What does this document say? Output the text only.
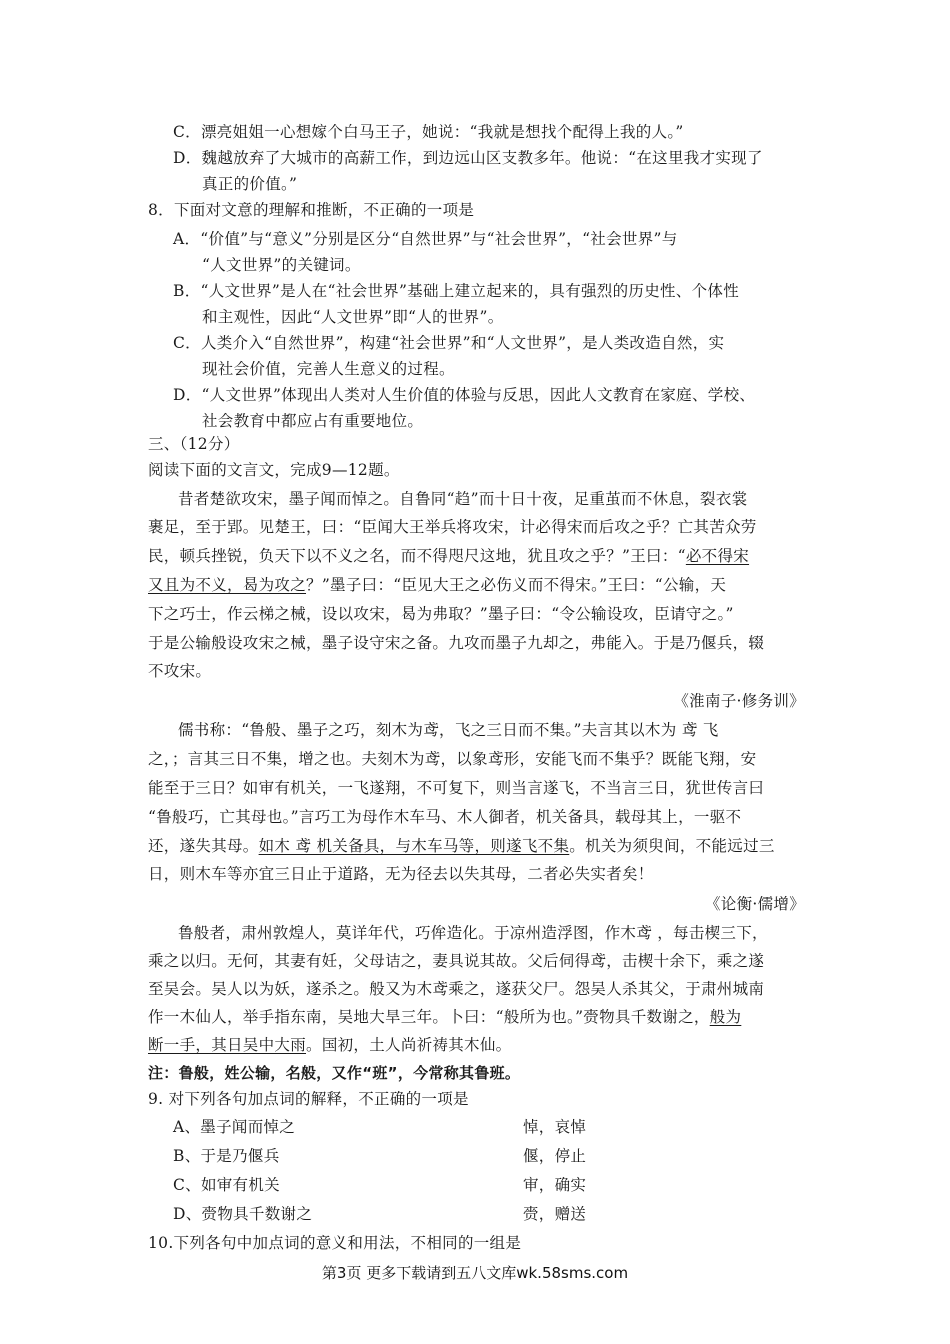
C．漂亮姐姐一心想嫁个白马王子，她说：“我就是想找个配得上我的人。”
D．魏越放弃了大城市的高薪工作，到边远山区支教多年。他说：“在这里我才实现了
真正的价值。”
8．下面对文意的理解和推断，不正确的一项是
A．“价值”与“意义”分别是区分“自然世界”与“社会世界”，“社会世界”与
“人文世界”的关键词。
B．“人文世界”是人在“社会世界”基础上建立起来的，具有强烈的历史性、个体性
和主观性，因此“人文世界”即“人的世界”。
C．人类介入“自然世界”，构建“社会世界”和“人文世界”，是人类改造自然，实
现社会价值，完善人生意义的过程。
D．“人文世界”体现出人类对人生价值的体验与反思，因此人文教育在家庭、学校、
社会教育中都应占有重要地位。
三、（12分）
阅读下面的文言文，完成9—12题。
昔者楚欲攻宋，墨子闻而悼之。自鲁同“趋”而十日十夜，足重茧而不休息，裂衣裳
裹足，至于郢。见楚王，曰：“臣闻大王举兵将攻宋，计必得宋而后攻之乎？亡其苦众劳
民，顿兵挫锐，负天下以不义之名，而不得咫尺这地，犹且攻之乎？”王曰：“必不得宋
又且为不义，曷为攻之？”墨子曰：“臣见大王之必伤义而不得宋。”王曰：“公输，天
下之巧士，作云梯之械，设以攻宋，曷为弗取？”墨子曰：“令公输设攻，臣请守之。”
于是公输般设攻宋之械，墨子设守宋之备。九攻而墨子九却之，弗能入。于是乃偃兵，辍
不攻宋。
《淮南子·修务训》
儒书称：“鲁般、墨子之巧，刻木为鸢，飞之三日而不集。”夫言其以木为 鸢 飞
之，；言其三日不集，增之也。夫刻木为鸢，以象鸢形，安能飞而不集乎？既能飞翔，安
能至于三日？如审有机关，一飞遂翔，不可复下，则当言遂飞，不当言三日，犹世传言曰
“鲁般巧，亡其母也。”言巧工为母作木车马、木人御者，机关备具，载母其上，一驱不
还，遂失其母。如木 鸢 机关备具，与木车马等，则遂飞不集。机关为须臾间，不能远过三
日，则木车等亦宜三日止于道路，无为径去以失其母，二者必失实者矣！
《论衡·儒增》
鲁般者，肃州敦煌人，莫详年代，巧侔造化。于凉州造浮图，作木鸢 ，每击楔三下，
乘之以归。无何，其妻有妊，父母诘之，妻具说其故。父后伺得鸢，击楔十余下，乘之遂
至吴会。吴人以为妖，遂杀之。般又为木鸢乘之，遂获父尸。怨吴人杀其父，于肃州城南
作一木仙人，举手指东南，吴地大旱三年。卜曰：“般所为也。”赍物具千数谢之，般为
断一手，其日吴中大雨。国初，土人尚祈祷其木仙。
注：鲁般，姓公输，名般，又作“班”，今常称其鲁班。
9. 对下列各句加点词的解释，不正确的一项是
A、墨子闻而悼之	悼，哀悼
B、于是乃偃兵	偃，停止
C、如审有机关	审，确实
D、赍物具千数谢之	赍，赠送
10.下列各句中加点词的意义和用法，不相同的一组是
第3页 更多下载请到五八文库wk.58sms.com
